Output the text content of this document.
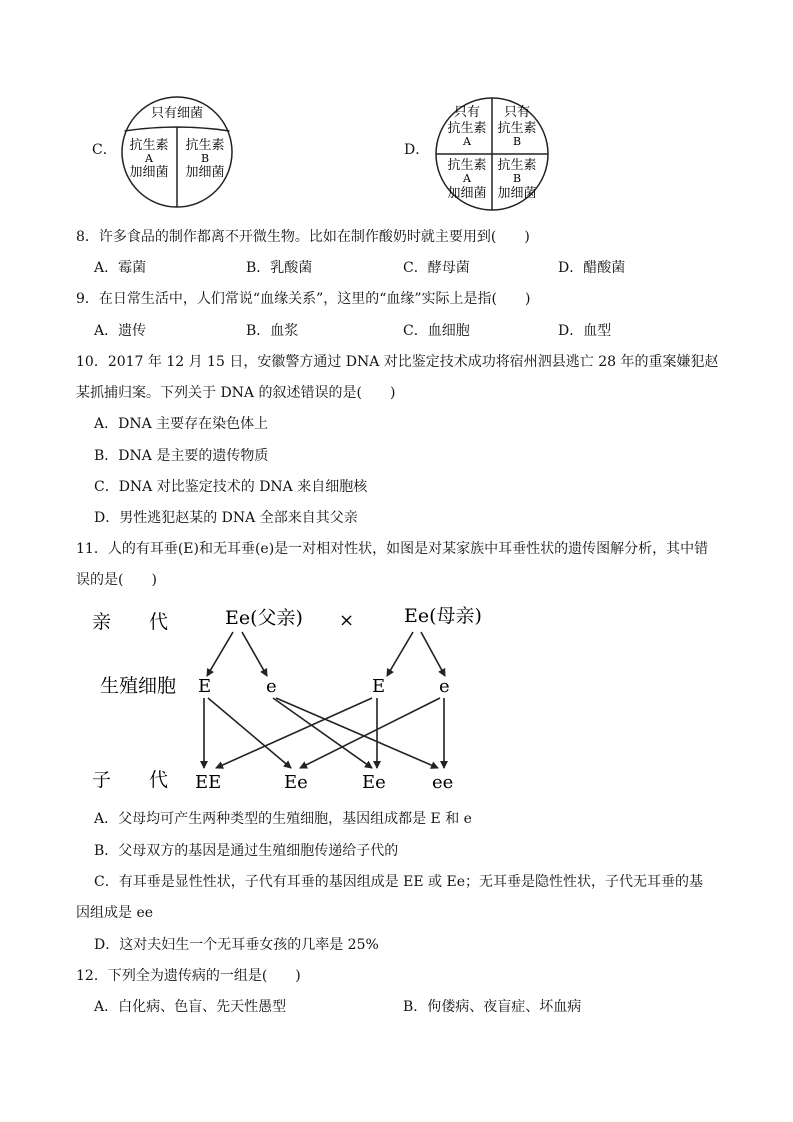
C．
只有细菌
抗生素
A
加细菌
抗生素
B
加细菌
D．
只有
抗生素
A
只有
抗生素
B
抗生素
A
加细菌
抗生素
B
加细菌
8．许多食品的制作都离不开微生物。比如在制作酸奶时就主要用到(　　)
A．霉菌	B．乳酸菌	C．酵母菌	D．醋酸菌
9．在日常生活中，人们常说“血缘关系”，这里的“血缘”实际上是指(　　)
A．遗传	B．血浆	C．血细胞	D．血型
10．2017 年 12 月 15 日，安徽警方通过 DNA 对比鉴定技术成功将宿州泗县逃亡 28 年的重案嫌犯赵
某抓捕归案。下列关于 DNA 的叙述错误的是(　　)
A．DNA 主要存在染色体上
B．DNA 是主要的遗传物质
C．DNA 对比鉴定技术的 DNA 来自细胞核
D．男性逃犯赵某的 DNA 全部来自其父亲
11．人的有耳垂(E)和无耳垂(e)是一对相对性状，如图是对某家族中耳垂性状的遗传图解分析，其中错
误的是(　　)
亲　　代
生殖细胞
子　　代
Ee(父亲) ×	Ee(母亲)
E	e	E	e
EE	Ee	Ee	ee
A．父母均可产生两种类型的生殖细胞，基因组成都是 E 和 e
B．父母双方的基因是通过生殖细胞传递给子代的
C．有耳垂是显性性状，子代有耳垂的基因组成是 EE 或 Ee；无耳垂是隐性性状，子代无耳垂的基
因组成是 ee
D．这对夫妇生一个无耳垂女孩的几率是 25%
12．下列全为遗传病的一组是(　　)
A．白化病、色盲、先天性愚型	B．佝偻病、夜盲症、坏血病
